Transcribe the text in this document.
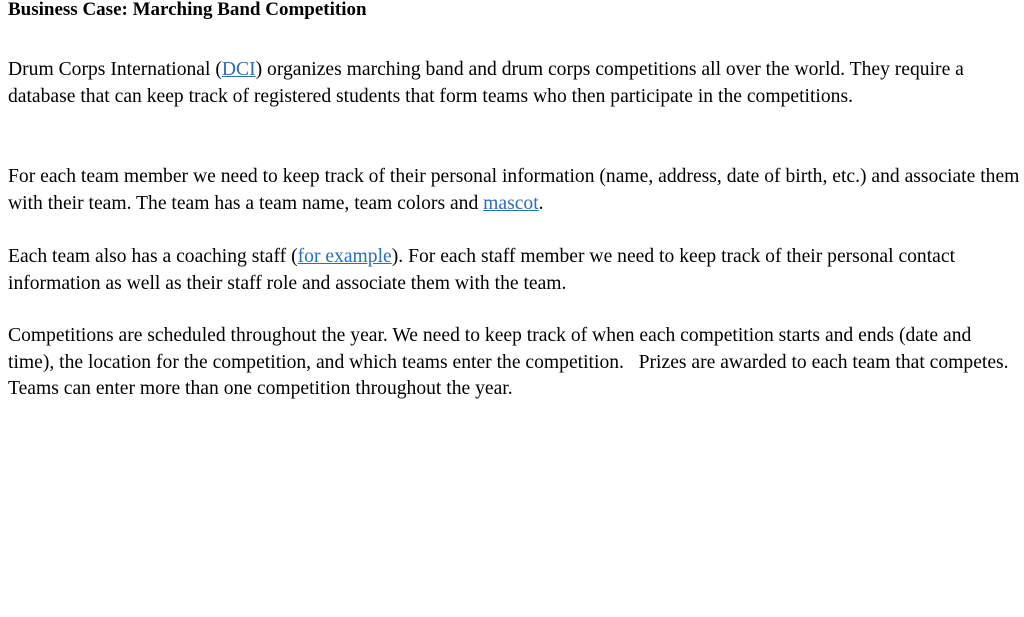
Business Case: Marching Band Competition

Drum Corps International (DCI) organizes marching band and drum corps competitions all over the world. They require a database that can keep track of registered students that form teams who then participate in the competitions.

For each team member we need to keep track of their personal information (name, address, date of birth, etc.) and associate them with their team. The team has a team name, team colors and mascot.

Each team also has a coaching staff (for example). For each staff member we need to keep track of their personal contact information as well as their staff role and associate them with the team.

Competitions are scheduled throughout the year. We need to keep track of when each competition starts and ends (date and time), the location for the competition, and which teams enter the competition.   Prizes are awarded to each team that competes. Teams can enter more than one competition throughout the year.
